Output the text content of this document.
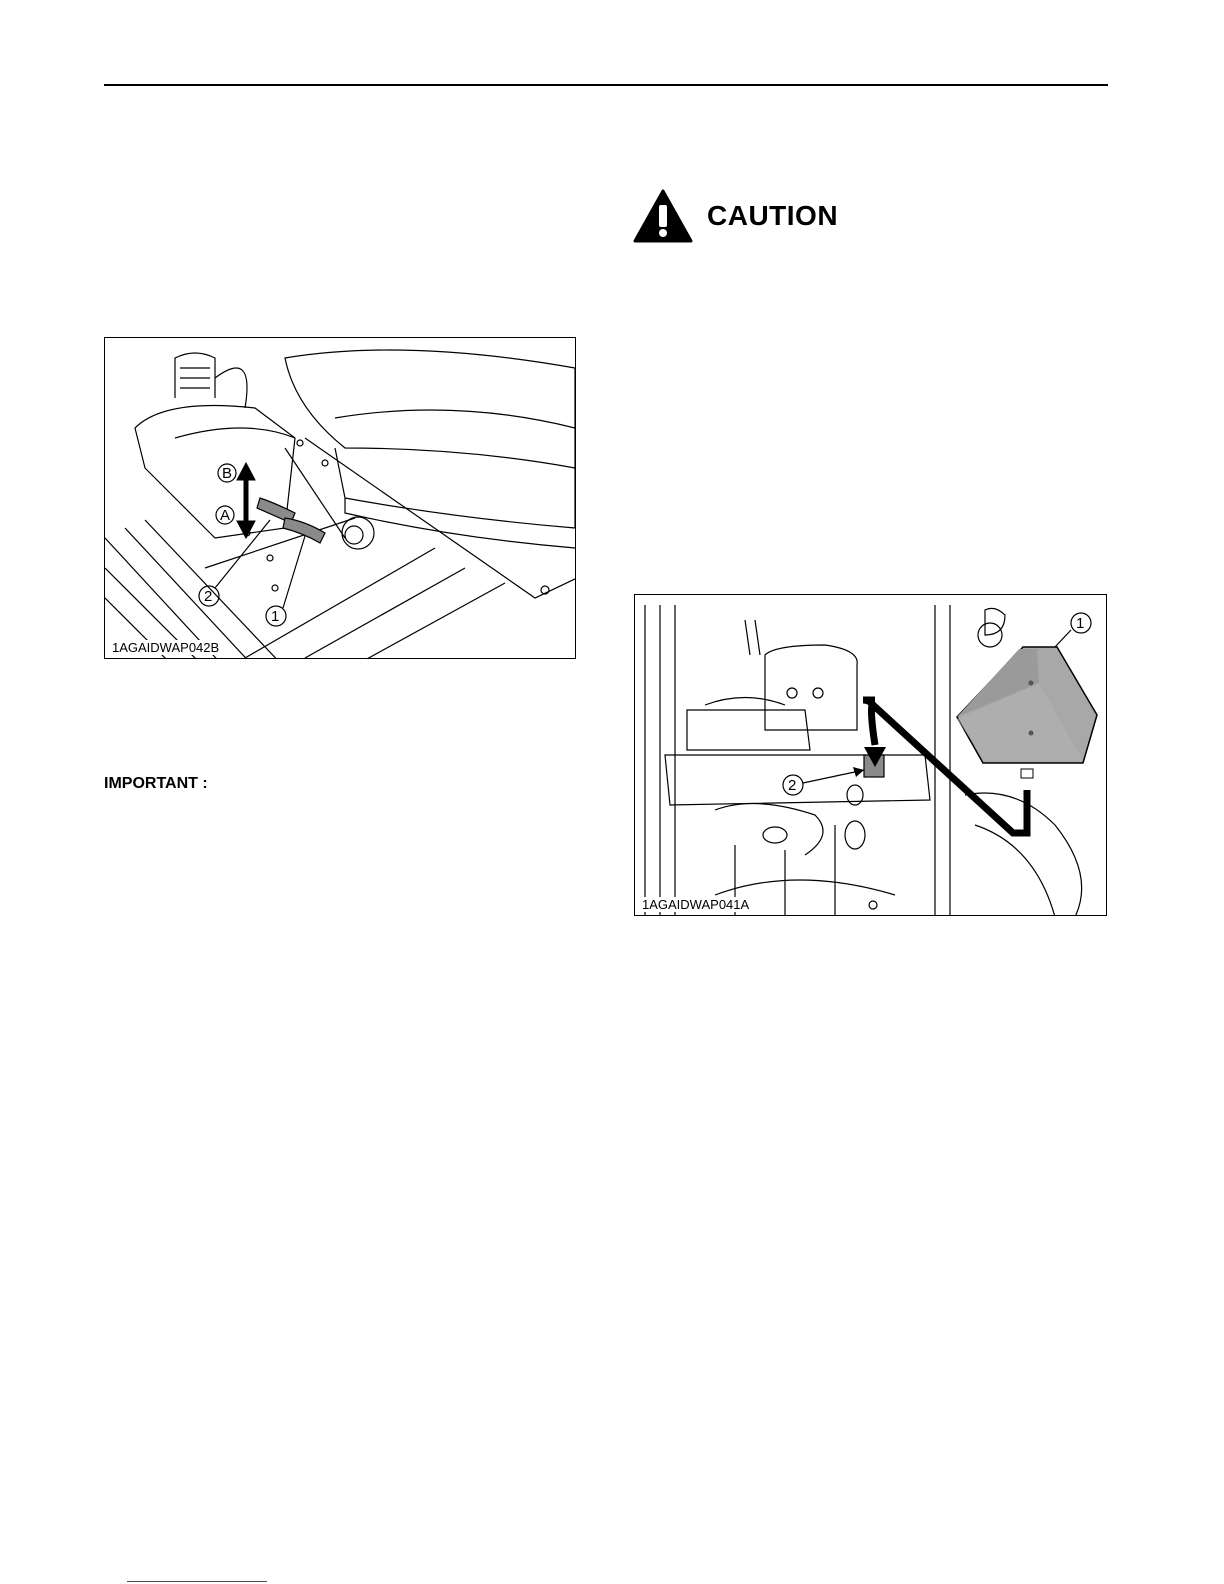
CAUTION
B
A
2
1
1AGAIDWAP042B
IMPORTANT :
1
2
1AGAIDWAP041A
